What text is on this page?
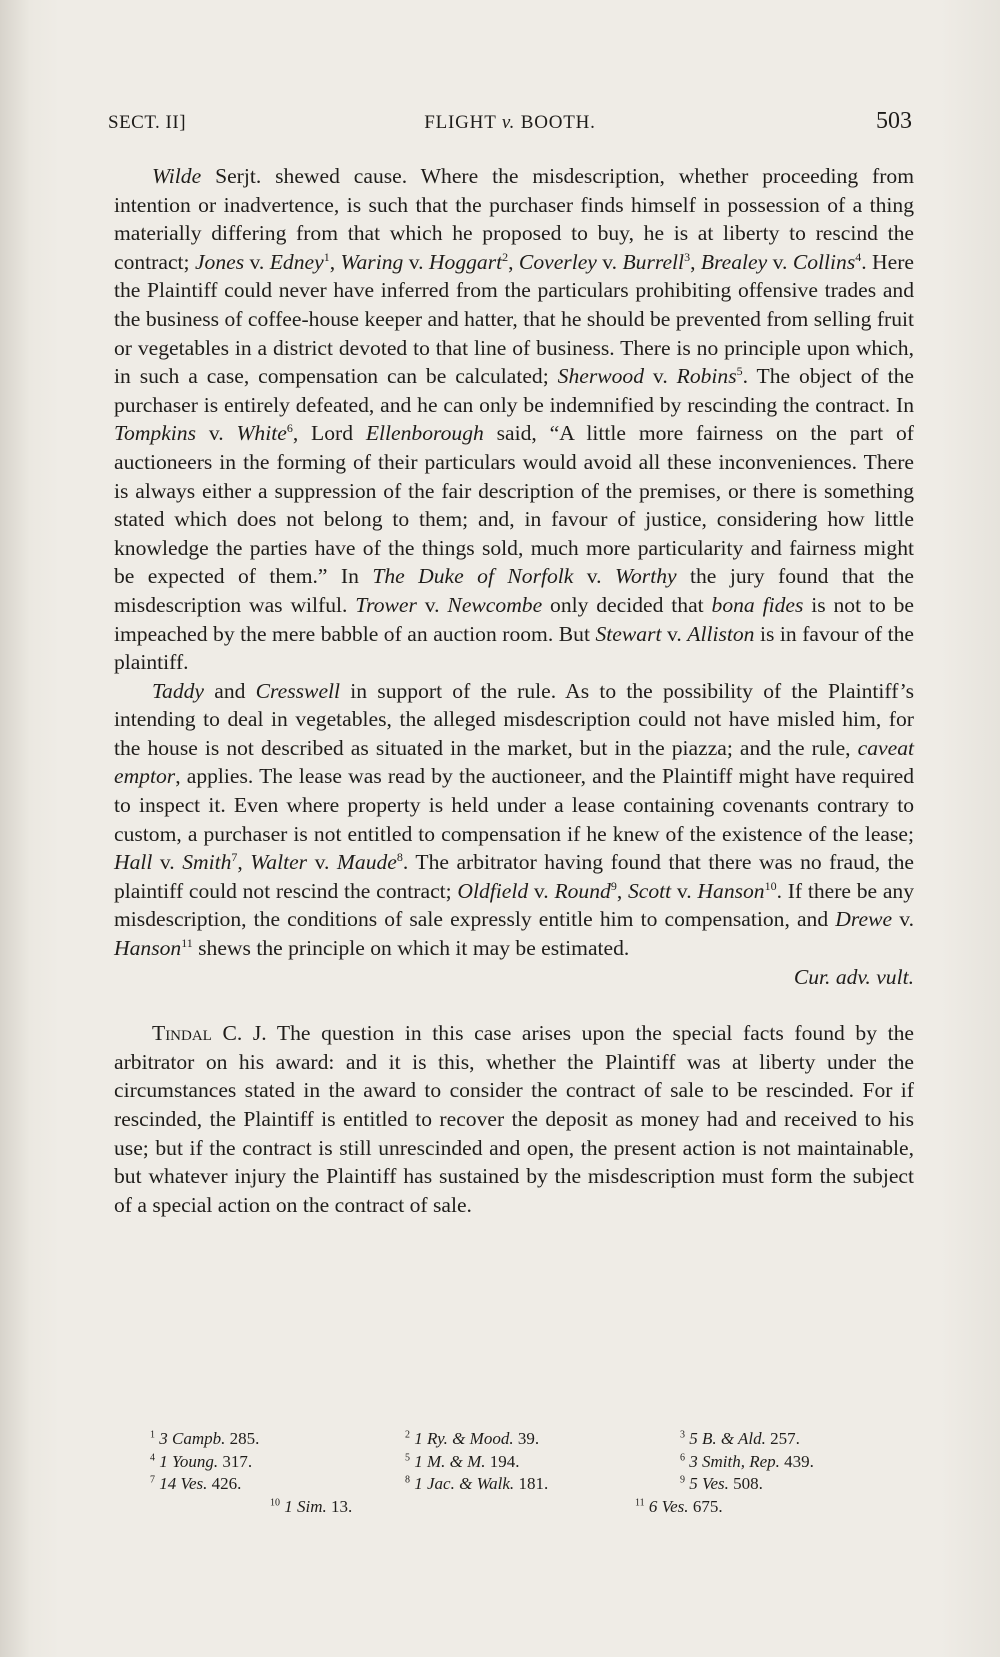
SECT. II]	FLIGHT v. BOOTH.	503

Wilde Serjt. shewed cause. Where the misdescription, whether proceeding from intention or inadvertence, is such that the purchaser finds himself in possession of a thing materially differing from that which he proposed to buy, he is at liberty to rescind the contract; Jones v. Edney$^1$, Waring v. Hoggart$^2$, Coverley v. Burrell$^3$, Brealey v. Collins$^4$. Here the Plaintiff could never have inferred from the particulars prohibiting offensive trades and the business of coffee-house keeper and hatter, that he should be prevented from selling fruit or vegetables in a district devoted to that line of business. There is no principle upon which, in such a case, compensation can be calculated; Sherwood v. Robins$^5$. The object of the purchaser is entirely defeated, and he can only be indemnified by rescinding the contract. In Tompkins v. White$^6$, Lord Ellenborough said, “A little more fairness on the part of auctioneers in the forming of their particulars would avoid all these inconveniences. There is always either a suppression of the fair description of the premises, or there is something stated which does not belong to them; and, in favour of justice, considering how little knowledge the parties have of the things sold, much more particularity and fairness might be expected of them.” In The Duke of Norfolk v. Worthy the jury found that the misdescription was wilful. Trower v. Newcombe only decided that bona fides is not to be impeached by the mere babble of an auction room. But Stewart v. Alliston is in favour of the plaintiff.

Taddy and Cresswell in support of the rule. As to the possibility of the Plaintiff’s intending to deal in vegetables, the alleged misdescription could not have misled him, for the house is not described as situated in the market, but in the piazza; and the rule, caveat emptor, applies. The lease was read by the auctioneer, and the Plaintiff might have required to inspect it. Even where property is held under a lease containing covenants contrary to custom, a purchaser is not entitled to compensation if he knew of the existence of the lease; Hall v. Smith$^7$, Walter v. Maude$^8$. The arbitrator having found that there was no fraud, the plaintiff could not rescind the contract; Oldfield v. Round$^9$, Scott v. Hanson$^{10}$. If there be any misdescription, the conditions of sale expressly entitle him to compensation, and Drewe v. Hanson$^{11}$ shews the principle on which it may be estimated.

Cur. adv. vult.

Tindal C. J. The question in this case arises upon the special facts found by the arbitrator on his award: and it is this, whether the Plaintiff was at liberty under the circumstances stated in the award to consider the contract of sale to be rescinded. For if rescinded, the Plaintiff is entitled to recover the deposit as money had and received to his use; but if the contract is still unrescinded and open, the present action is not maintainable, but whatever injury the Plaintiff has sustained by the misdescription must form the subject of a special action on the contract of sale.

$^1$ 3 Campb. 285.	$^2$ 1 Ry. & Mood. 39.	$^3$ 5 B. & Ald. 257.
$^4$ 1 Young. 317.	$^5$ 1 M. & M. 194.	$^6$ 3 Smith, Rep. 439.
$^7$ 14 Ves. 426.	$^8$ 1 Jac. & Walk. 181.	$^9$ 5 Ves. 508.
$^{10}$ 1 Sim. 13.	$^{11}$ 6 Ves. 675.
